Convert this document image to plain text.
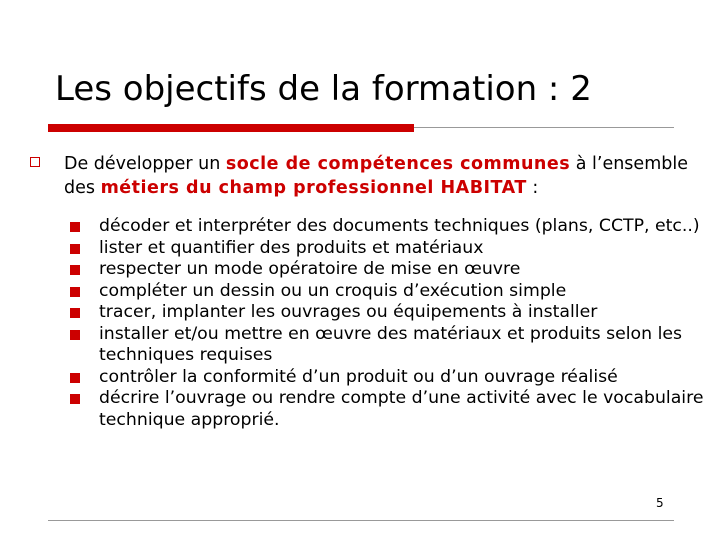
Les objectifs de la formation : 2
De développer un socle de compétences communes à l’ensemble des métiers du champ professionnel HABITAT :
décoder et interpréter des documents techniques (plans, CCTP, etc..)
lister et quantifier des produits et matériaux
respecter un mode opératoire de mise en œuvre
compléter un dessin ou un croquis d’exécution simple
tracer, implanter les ouvrages ou équipements à installer
installer et/ou mettre en œuvre des matériaux et produits selon les techniques requises
contrôler la conformité d’un produit ou d’un ouvrage réalisé
décrire l’ouvrage ou rendre compte d’une activité avec le vocabulaire technique approprié.
5
